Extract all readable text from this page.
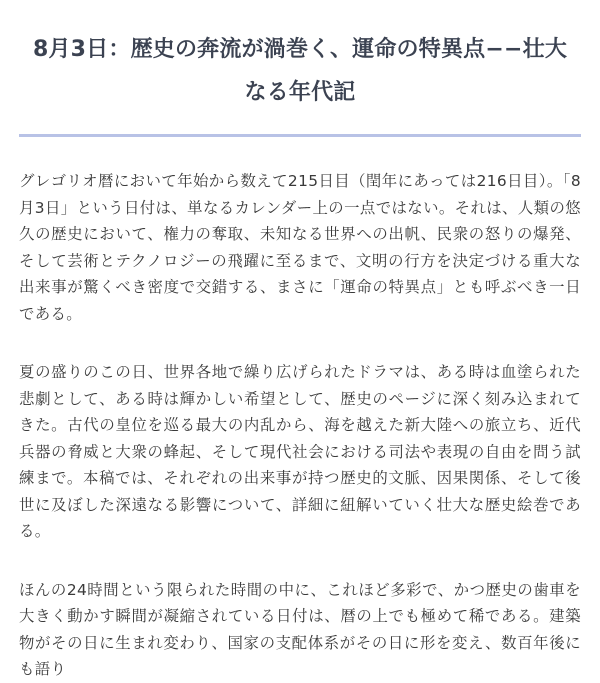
8月3日：歴史の奔流が渦巻く、運命の特異点−−壮大
なる年代記

グレゴリオ暦において年始から数えて215日目（閏年にあっては216日目）。「8月3日」という日付は、単なるカレンダー上の一点ではない。それは、人類の悠久の歴史において、権力の奪取、未知なる世界への出帆、民衆の怒りの爆発、そして芸術とテクノロジーの飛躍に至るまで、文明の行方を決定づける重大な出来事が驚くべき密度で交錯する、まさに「運命の特異点」とも呼ぶべき一日である。

夏の盛りのこの日、世界各地で繰り広げられたドラマは、ある時は血塗られた悲劇として、ある時は輝かしい希望として、歴史のページに深く刻み込まれてきた。古代の皇位を巡る最大の内乱から、海を越えた新大陸への旅立ち、近代兵器の脅威と大衆の蜂起、そして現代社会における司法や表現の自由を問う試練まで。本稿では、それぞれの出来事が持つ歴史的文脈、因果関係、そして後世に及ぼした深遠なる影響について、詳細に紐解いていく壮大な歴史絵巻である。

ほんの24時間という限られた時間の中に、これほど多彩で、かつ歴史の歯車を大きく動かす瞬間が凝縮されている日付は、暦の上でも極めて稀である。建築物がその日に生まれ変わり、国家の支配体系がその日に形を変え、数百年後にも語り
